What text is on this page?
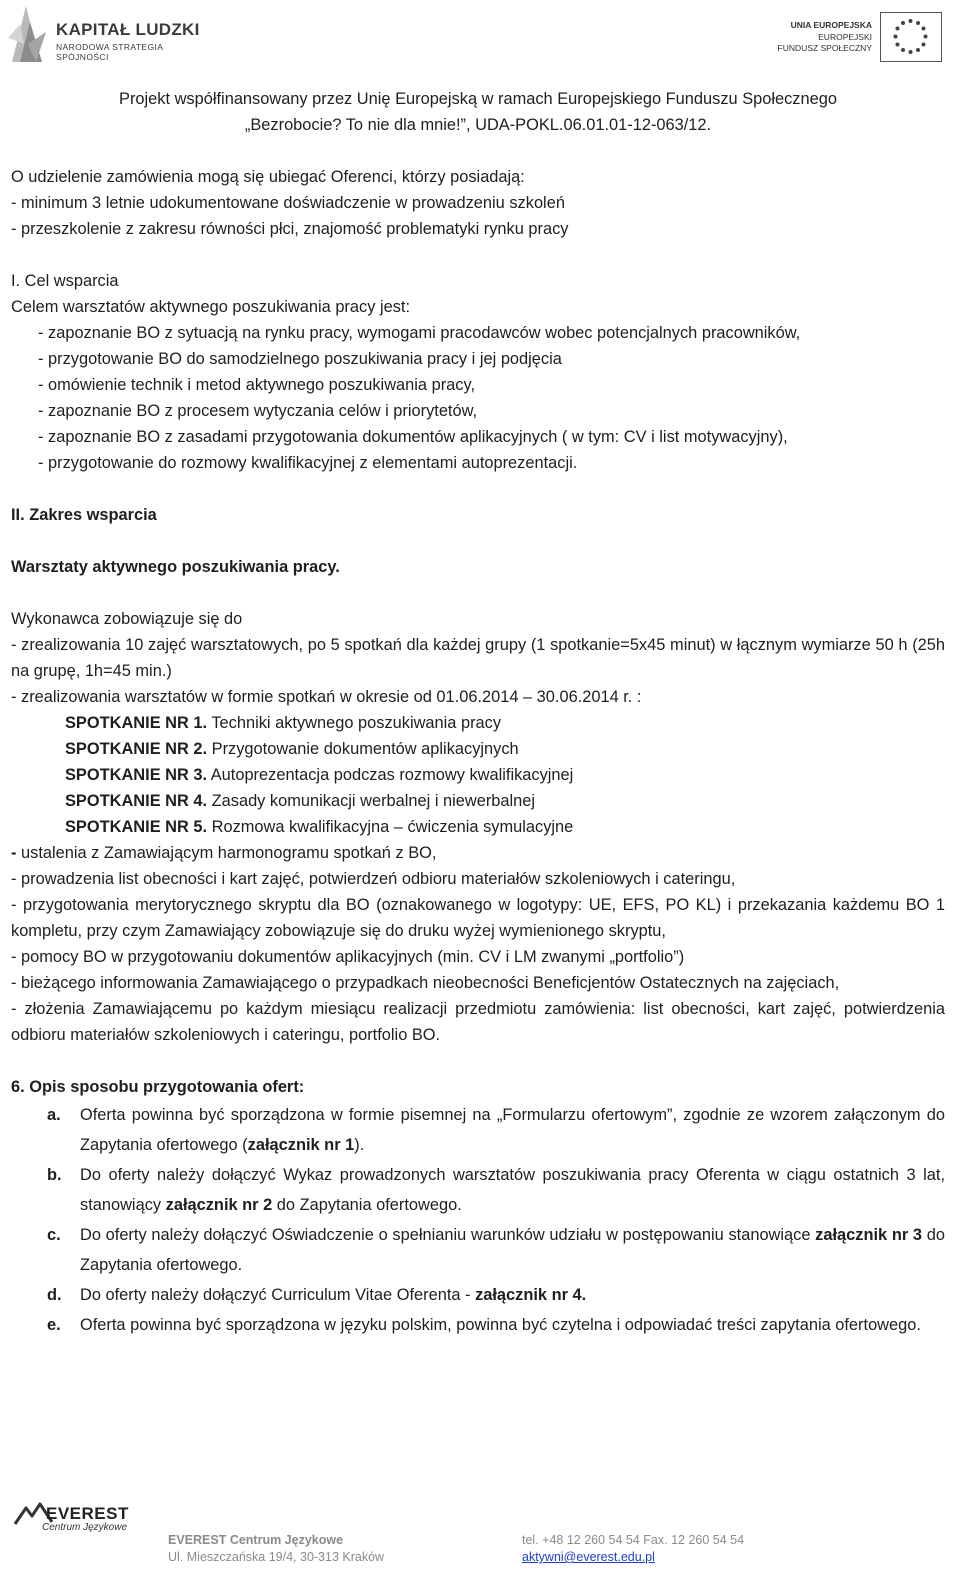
KAPITAŁ LUDZKI
NARODOWA STRATEGIA SPÓJNOŚCI
UNIA EUROPEJSKA
EUROPEJSKI
FUNDUSZ SPOŁECZNY
Projekt współfinansowany przez Unię Europejską w ramach Europejskiego Funduszu Społecznego
„Bezrobocie? To nie dla mnie!”, UDA-POKL.06.01.01-12-063/12.
O udzielenie zamówienia mogą się ubiegać Oferenci, którzy posiadają:
- minimum 3 letnie udokumentowane doświadczenie w prowadzeniu szkoleń
- przeszkolenie z zakresu równości płci, znajomość problematyki rynku pracy
I. Cel wsparcia
Celem warsztatów aktywnego poszukiwania pracy jest:
- zapoznanie BO z sytuacją na rynku pracy, wymogami pracodawców wobec potencjalnych pracowników,
- przygotowanie BO do samodzielnego poszukiwania pracy i jej podjęcia
- omówienie technik i metod aktywnego poszukiwania pracy,
- zapoznanie BO z procesem wytyczania celów i priorytetów,
- zapoznanie BO z zasadami przygotowania dokumentów aplikacyjnych ( w tym: CV i list motywacyjny),
- przygotowanie do rozmowy kwalifikacyjnej z elementami autoprezentacji.
II. Zakres wsparcia
Warsztaty aktywnego poszukiwania pracy.
Wykonawca zobowiązuje się do
- zrealizowania 10 zajęć warsztatowych, po 5 spotkań dla każdej grupy (1 spotkanie=5x45 minut) w łącznym wymiarze 50 h (25h na grupę, 1h=45 min.)
- zrealizowania warsztatów w formie spotkań w okresie od 01.06.2014 – 30.06.2014 r. :
SPOTKANIE NR 1. Techniki aktywnego poszukiwania pracy
SPOTKANIE NR 2. Przygotowanie dokumentów aplikacyjnych
SPOTKANIE NR 3. Autoprezentacja podczas rozmowy kwalifikacyjnej
SPOTKANIE NR 4. Zasady komunikacji werbalnej i niewerbalnej
SPOTKANIE NR 5. Rozmowa kwalifikacyjna – ćwiczenia symulacyjne
- ustalenia z Zamawiającym harmonogramu spotkań z BO,
- prowadzenia list obecności i kart zajęć, potwierdzeń odbioru materiałów szkoleniowych i cateringu,
- przygotowania merytorycznego skryptu dla BO (oznakowanego w logotypy: UE, EFS, PO KL) i przekazania każdemu BO 1 kompletu, przy czym Zamawiający zobowiązuje się do druku wyżej wymienionego skryptu,
- pomocy BO w przygotowaniu dokumentów aplikacyjnych (min. CV i LM zwanymi „portfolio”)
- bieżącego informowania Zamawiającego o przypadkach nieobecności Beneficjentów Ostatecznych na zajęciach,
- złożenia Zamawiającemu po każdym miesiącu realizacji przedmiotu zamówienia: list obecności, kart zajęć, potwierdzenia odbioru materiałów szkoleniowych i cateringu, portfolio BO.
6. Opis sposobu przygotowania ofert:
a. Oferta powinna być sporządzona w formie pisemnej na „Formularzu ofertowym”, zgodnie ze wzorem załączonym do Zapytania ofertowego (załącznik nr 1).
b. Do oferty należy dołączyć Wykaz prowadzonych warsztatów poszukiwania pracy Oferenta w ciągu ostatnich 3 lat, stanowiący załącznik nr 2 do Zapytania ofertowego.
c. Do oferty należy dołączyć Oświadczenie o spełnianiu warunków udziału w postępowaniu stanowiące załącznik nr 3 do Zapytania ofertowego.
d. Do oferty należy dołączyć Curriculum Vitae Oferenta - załącznik nr 4.
e. Oferta powinna być sporządzona w języku polskim, powinna być czytelna i odpowiadać treści zapytania ofertowego.
EVEREST
Centrum Językowe
EVEREST Centrum Językowe
Ul. Mieszczańska 19/4, 30-313 Kraków
tel. +48 12 260 54 54 Fax. 12 260 54 54
aktywni@everest.edu.pl
